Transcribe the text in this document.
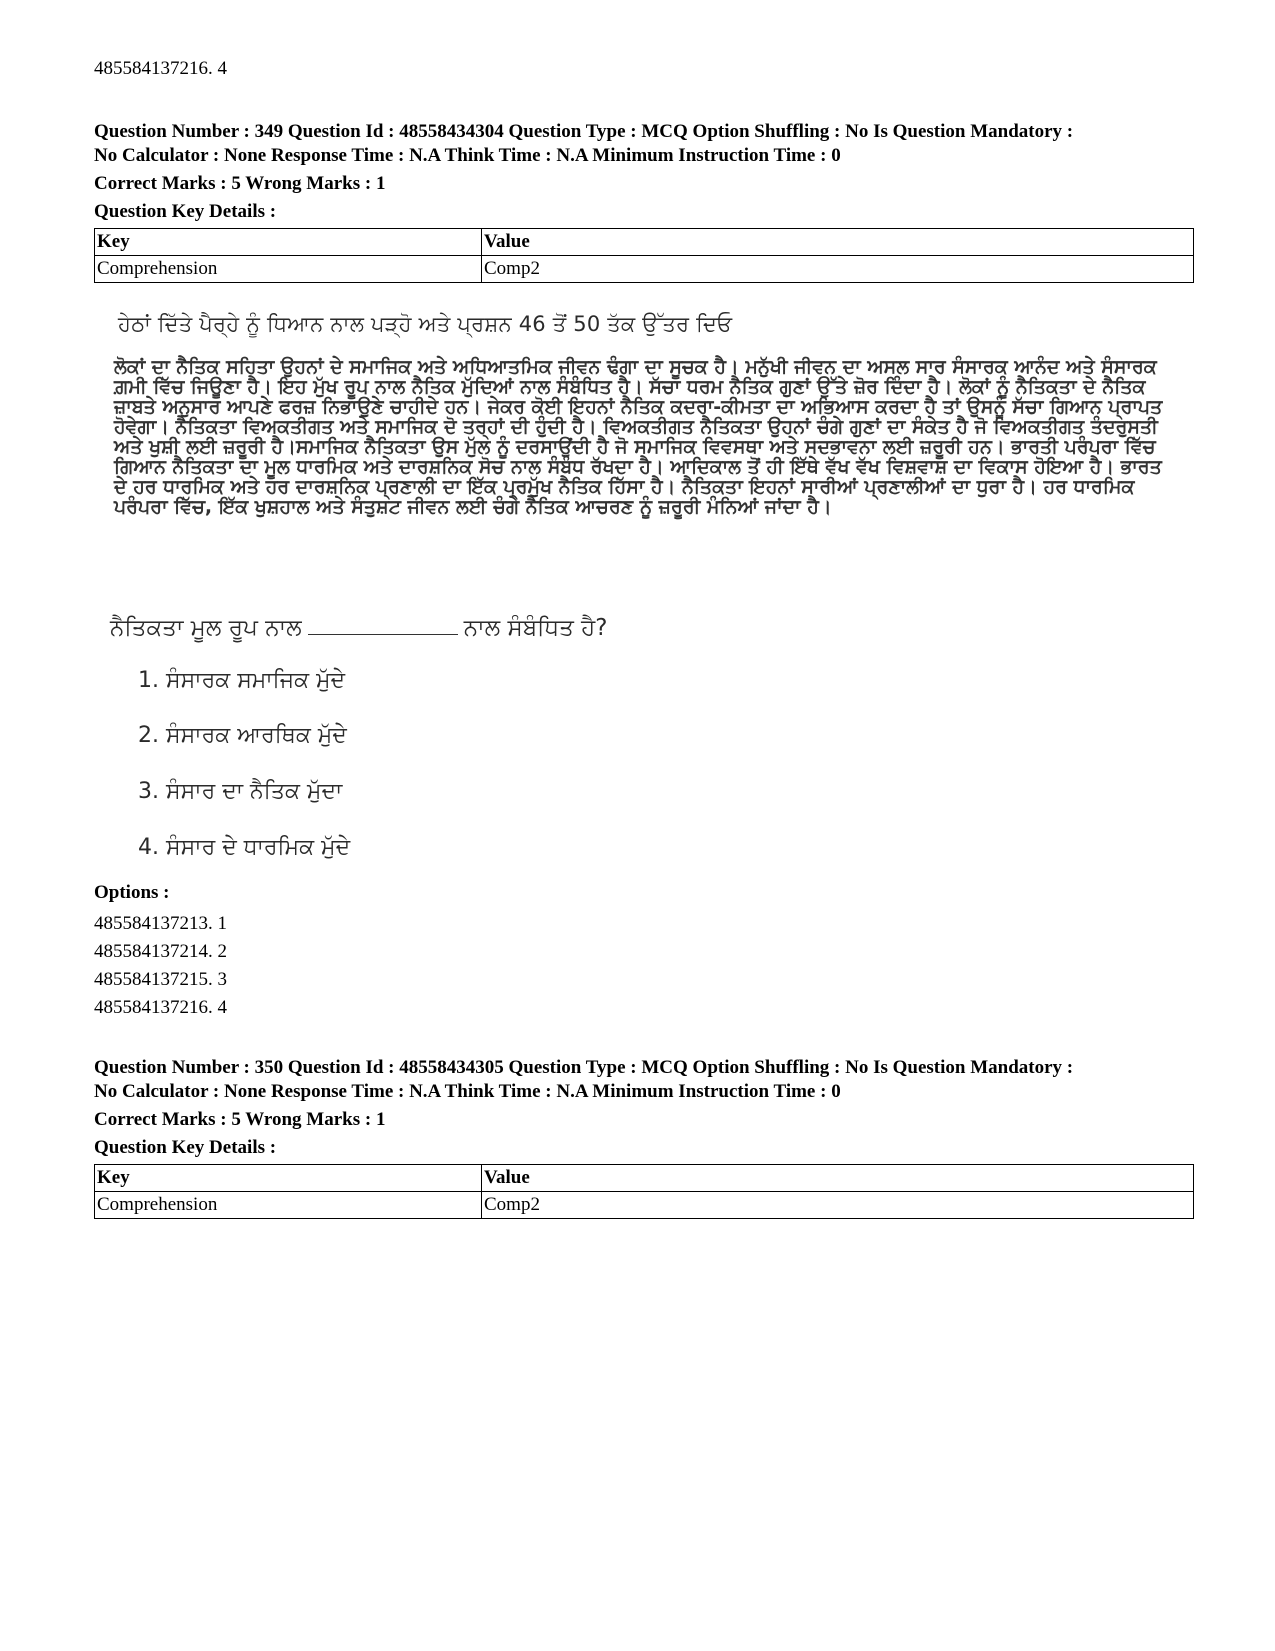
485584137216. 4
Question Number : 349 Question Id : 48558434304 Question Type : MCQ Option Shuffling : No Is Question Mandatory :
No Calculator : None Response Time : N.A Think Time : N.A Minimum Instruction Time : 0
Correct Marks : 5 Wrong Marks : 1
Question Key Details :
Key	Value
Comprehension	Comp2
ਹੇਠਾਂ ਦਿੱਤੇ ਪੈਰ੍ਹੇ ਨੂੰ ਧਿਆਨ ਨਾਲ ਪੜ੍ਹੋ ਅਤੇ ਪ੍ਰਸ਼ਨ 46 ਤੋਂ 50 ਤੱਕ ਉੱਤਰ ਦਿਓ
ਲੋਕਾਂ ਦਾ ਨੈਤਿਕ ਸਹਿਤਾ ਉਹਨਾਂ ਦੇ ਸਮਾਜਿਕ ਅਤੇ ਅਧਿਆਤਮਿਕ ਜੀਵਨ ਢੰਗਾ ਦਾ ਸੂਚਕ ਹੈ। ਮਨੁੱਖੀ ਜੀਵਨ ਦਾ ਅਸਲ ਸਾਰ ਸੰਸਾਰਕ ਆਨੰਦ ਅਤੇ ਸੰਸਾਰਕ ਗ਼ਮੀ ਵਿੱਚ ਜਿਊਣਾ ਹੈ। ਇਹ ਮੁੱਖ ਰੂਪ ਨਾਲ ਨੈਤਿਕ ਮੁੱਦਿਆਂ ਨਾਲ ਸੰਬੰਧਿਤ ਹੈ। ਸੱਚਾ ਧਰਮ ਨੈਤਿਕ ਗੁਣਾਂ ਉੱਤੇ ਜ਼ੋਰ ਦਿੰਦਾ ਹੈ। ਲੋਕਾਂ ਨੂੰ ਨੈਤਿਕਤਾ ਦੇ ਨੈਤਿਕ ਜ਼ਾਬਤੇ ਅਨੁਸਾਰ ਆਪਣੇ ਫਰਜ਼ ਨਿਭਾਉਣੇ ਚਾਹੀਦੇ ਹਨ। ਜੇਕਰ ਕੋਈ ਇਹਨਾਂ ਨੈਤਿਕ ਕਦਰਾ-ਕੀਮਤਾ ਦਾ ਅਭਿਆਸ ਕਰਦਾ ਹੈ ਤਾਂ ਉਸਨੂੰ ਸੱਚਾ ਗਿਆਨ ਪ੍ਰਾਪਤ ਹੋਵੇਗਾ। ਨੈਤਿਕਤਾ ਵਿਅਕਤੀਗਤ ਅਤੇ ਸਮਾਜਿਕ ਦੋ ਤਰ੍ਹਾਂ ਦੀ ਹੁੰਦੀ ਹੈ। ਵਿਅਕਤੀਗਤ ਨੈਤਿਕਤਾ ਉਹਨਾਂ ਚੰਗੇ ਗੁਣਾਂ ਦਾ ਸੰਕੇਤ ਹੈ ਜੋ ਵਿਅਕਤੀਗਤ ਤੰਦਰੁਸਤੀ ਅਤੇ ਖੁਸ਼ੀ ਲਈ ਜ਼ਰੂਰੀ ਹੈ।ਸਮਾਜਿਕ ਨੈਤਿਕਤਾ ਉਸ ਮੁੱਲ ਨੂੰ ਦਰਸਾਉਂਦੀ ਹੈ ਜੋ ਸਮਾਜਿਕ ਵਿਵਸਥਾ ਅਤੇ ਸਦਭਾਵਨਾ ਲਈ ਜ਼ਰੂਰੀ ਹਨ। ਭਾਰਤੀ ਪਰੰਪਰਾ ਵਿੱਚ ਗਿਆਨ ਨੈਤਿਕਤਾ ਦਾ ਮੂਲ ਧਾਰਮਿਕ ਅਤੇ ਦਾਰਸ਼ਨਿਕ ਸੋਚ ਨਾਲ ਸੰਬੰਧ ਰੱਖਦਾ ਹੈ। ਆਦਿਕਾਲ ਤੋਂ ਹੀ ਇੱਥੇ ਵੱਖ ਵੱਖ ਵਿਸ਼ਵਾਸ਼ ਦਾ ਵਿਕਾਸ ਹੋਇਆ ਹੈ। ਭਾਰਤ ਦੇ ਹਰ ਧਾਰਮਿਕ ਅਤੇ ਹਰ ਦਾਰਸ਼ਨਿਕ ਪ੍ਰਣਾਲੀ ਦਾ ਇੱਕ ਪ੍ਰਮੁੱਖ ਨੈਤਿਕ ਹਿੱਸਾ ਹੈ। ਨੈਤਿਕਤਾ ਇਹਨਾਂ ਸਾਰੀਆਂ ਪ੍ਰਣਾਲੀਆਂ ਦਾ ਧੁਰਾ ਹੈ। ਹਰ ਧਾਰਮਿਕ ਪਰੰਪਰਾ ਵਿੱਚ, ਇੱਕ ਖੁਸ਼ਹਾਲ ਅਤੇ ਸੰਤੁਸ਼ਟ ਜੀਵਨ ਲਈ ਚੰਗੇ ਨੈਤਿਕ ਆਚਰਣ ਨੂੰ ਜ਼ਰੂਰੀ ਮੰਨਿਆਂ ਜਾਂਦਾ ਹੈ।
ਨੈਤਿਕਤਾ ਮੂਲ ਰੂਪ ਨਾਲ	ਨਾਲ ਸੰਬੰਧਿਤ ਹੈ?
1. ਸੰਸਾਰਕ ਸਮਾਜਿਕ ਮੁੱਦੇ
2. ਸੰਸਾਰਕ ਆਰਥਿਕ ਮੁੱਦੇ
3. ਸੰਸਾਰ ਦਾ ਨੈਤਿਕ ਮੁੱਦਾ
4. ਸੰਸਾਰ ਦੇ ਧਾਰਮਿਕ ਮੁੱਦੇ
Options :
485584137213. 1
485584137214. 2
485584137215. 3
485584137216. 4
Question Number : 350 Question Id : 48558434305 Question Type : MCQ Option Shuffling : No Is Question Mandatory :
No Calculator : None Response Time : N.A Think Time : N.A Minimum Instruction Time : 0
Correct Marks : 5 Wrong Marks : 1
Question Key Details :
Key	Value
Comprehension	Comp2
